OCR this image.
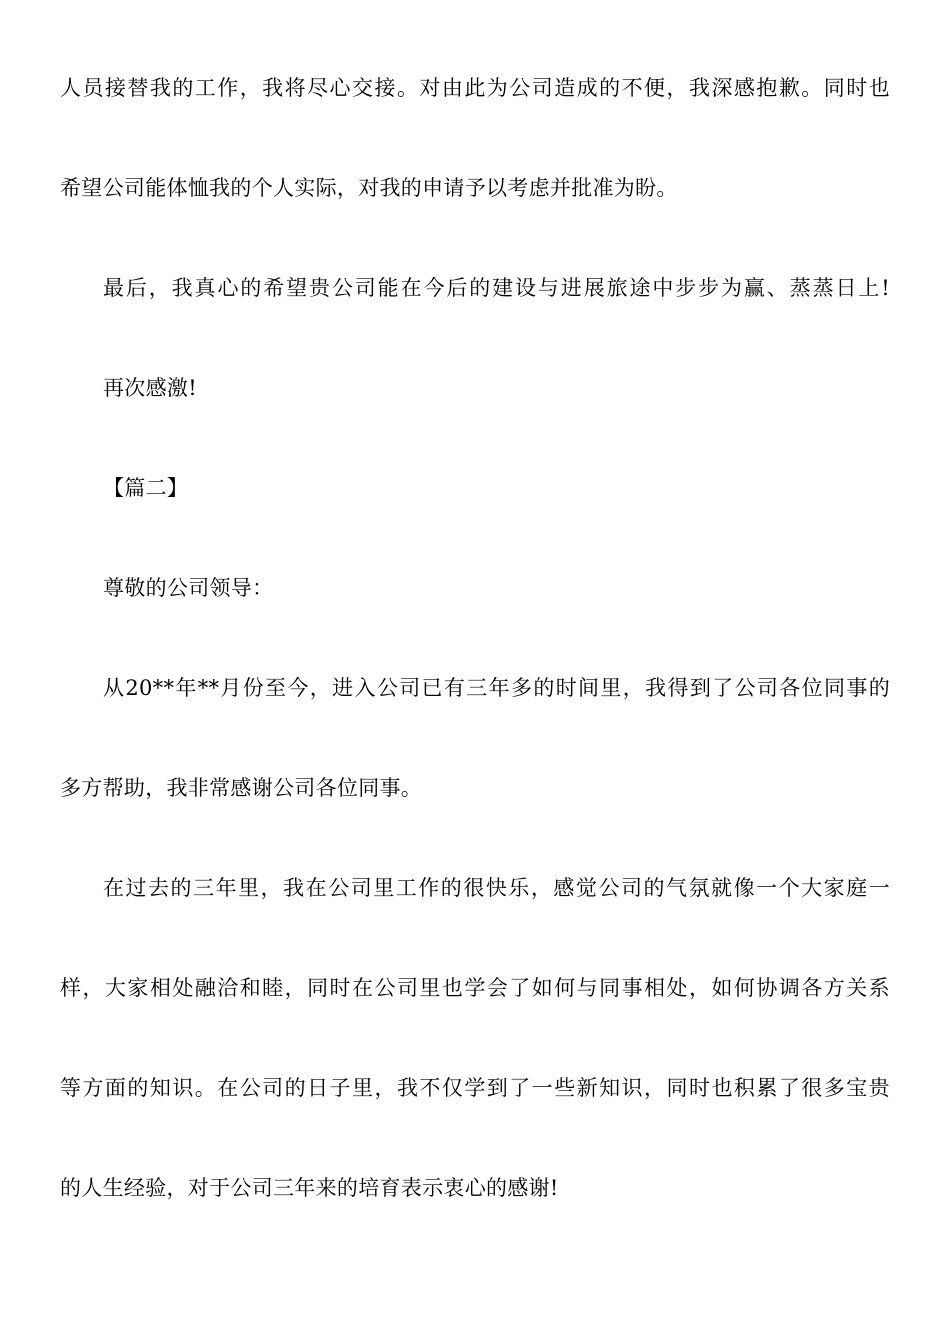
人员接替我的工作，我将尽心交接。对由此为公司造成的不便，我深感抱歉。同时也
希望公司能体恤我的个人实际，对我的申请予以考虑并批准为盼。
最后，我真心的希望贵公司能在今后的建设与进展旅途中步步为赢、蒸蒸日上!
再次感激!
【篇二】
尊敬的公司领导：
从20**年**月份至今，进入公司已有三年多的时间里，我得到了公司各位同事的
多方帮助，我非常感谢公司各位同事。
在过去的三年里，我在公司里工作的很快乐，感觉公司的气氛就像一个大家庭一
样，大家相处融洽和睦，同时在公司里也学会了如何与同事相处，如何协调各方关系
等方面的知识。在公司的日子里，我不仅学到了一些新知识，同时也积累了很多宝贵
的人生经验，对于公司三年来的培育表示衷心的感谢!
